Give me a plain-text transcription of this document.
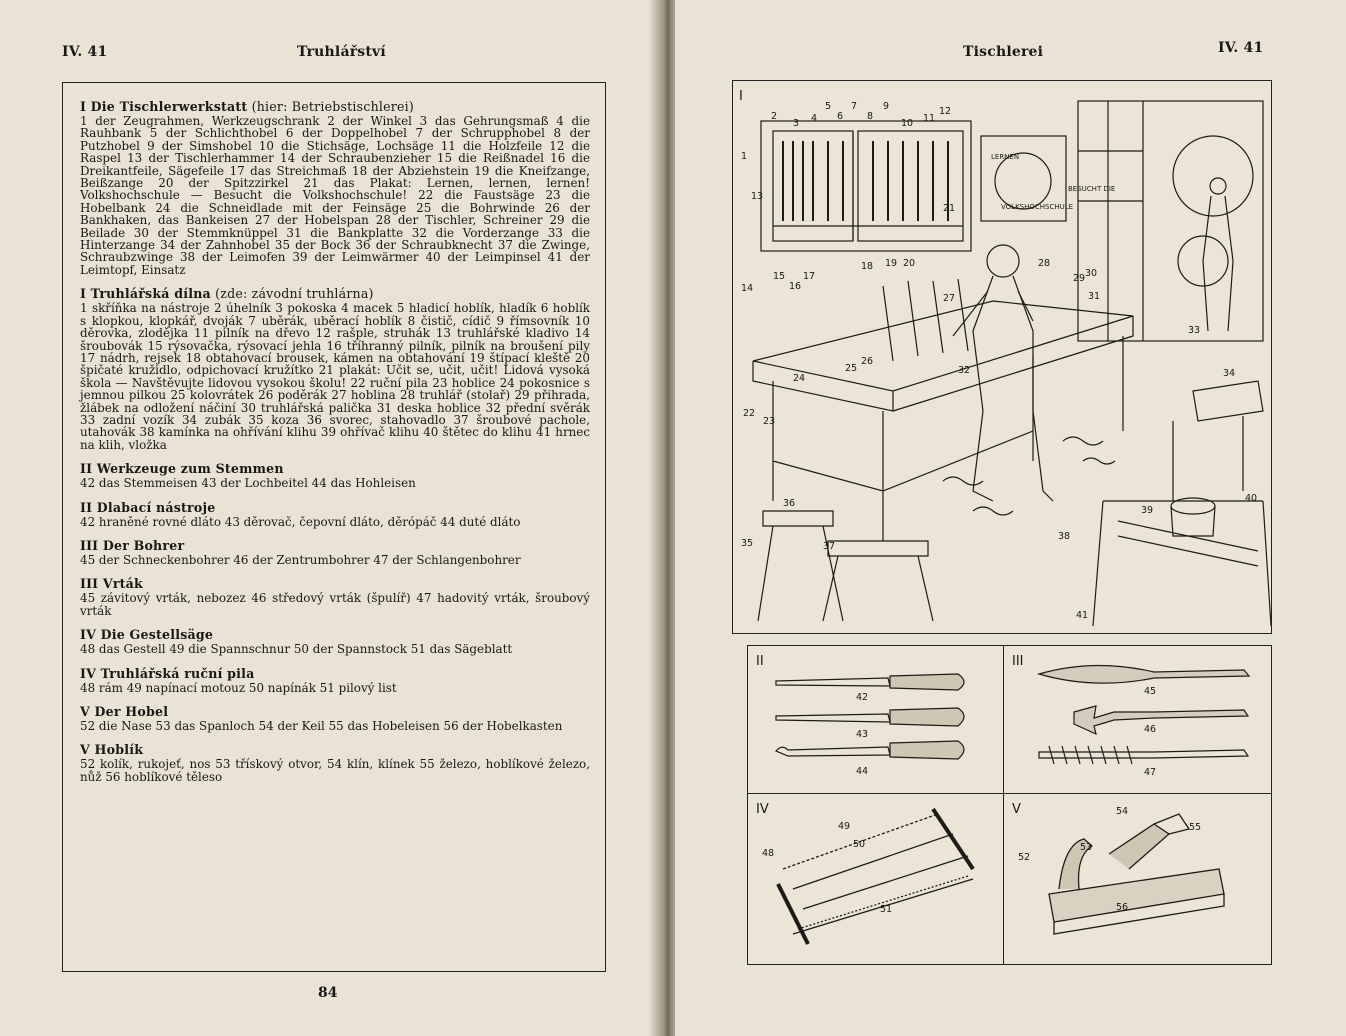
IV. 41	Truhlářství
I Die Tischlerwerkstatt (hier: Betriebstischlerei)

1 der Zeugrahmen, Werkzeugschrank 2 der Winkel 3 das Gehrungsmaß 4 die Rauhbank 5 der Schlichthobel 6 der Doppelhobel 7 der Schrupphobel 8 der Putzhobel 9 der Simshobel 10 die Stichsäge, Lochsäge 11 die Holzfeile 12 die Raspel 13 der Tischlerhammer 14 der Schraubenzieher 15 die Reißnadel 16 die Dreikantfeile, Sägefeile 17 das Streichmaß 18 der Abziehstein 19 die Kneifzange, Beißzange 20 der Spitzzirkel 21 das Plakat: Lernen, lernen, lernen! Volkshochschule — Besucht die Volkshochschule! 22 die Faustsäge 23 die Hobelbank 24 die Schneidlade mit der Feinsäge 25 die Bohrwinde 26 der Bankhaken, das Bankeisen 27 der Hobelspan 28 der Tischler, Schreiner 29 die Beilade 30 der Stemmknüppel 31 die Bankplatte 32 die Vorderzange 33 die Hinterzange 34 der Zahnhobel 35 der Bock 36 der Schraubknecht 37 die Zwinge, Schraubzwinge 38 der Leimofen 39 der Leimwärmer 40 der Leimpinsel 41 der Leimtopf, Einsatz

I Truhlářská dílna (zde: závodní truhlárna)

1 skříňka na nástroje 2 úhelník 3 pokoska 4 macek 5 hladicí hoblík, hladík 6 hoblík s klopkou, klopkář, dvoják 7 uběrák, uběrací hoblík 8 čistič, cídič 9 římsovník 10 děrovka, zlodějka 11 pilník na dřevo 12 rašple, struhák 13 truhlářské kladivo 14 šroubovák 15 rýsovačka, rýsovací jehla 16 tříhranný pilník, pilník na broušení pily 17 nádrh, rejsek 18 obtahovací brousek, kámen na obtahování 19 štípací kleště 20 špičaté kružidlo, odpichovací kružítko 21 plakát: Učit se, učit, učit! Lidová vysoká škola — Navštěvujte lidovou vysokou školu! 22 ruční pila 23 hoblice 24 pokosnice s jemnou pilkou 25 kolovrátek 26 poděrák 27 hoblina 28 truhlář (stolař) 29 přihrada, žlábek na odložení náčiní 30 truhlářská palička 31 deska hoblice 32 přední svěrák 33 zadní vozík 34 zubák 35 koza 36 svorec, stahovadlo 37 šroubové pachole, utahovák 38 kamínka na ohřívání klihu 39 ohřívač klihu 40 štětec do klihu 41 hrnec na klih, vložka

II Werkzeuge zum Stemmen

42 das Stemmeisen 43 der Lochbeitel 44 das Hohleisen

II Dlabací nástroje

42 hraněné rovné dláto 43 děrovač, čepovní dláto, děrópáč 44 duté dláto

III Der Bohrer

45 der Schneckenbohrer 46 der Zentrumbohrer 47 der Schlangenbohrer

III Vrták

45 závitový vrták, nebozez 46 středový vrták (špulíř) 47 hadovitý vrták, šroubový vrták

IV Die Gestellsäge

48 das Gestell 49 die Spannschnur 50 der Spannstock 51 das Sägeblatt

IV Truhlářská ruční pila

48 rám 49 napínací motouz 50 napínák 51 pilový list

V Der Hobel

52 die Nase 53 das Spanloch 54 der Keil 55 das Hobeleisen 56 der Hobelkasten

V Hoblík

52 kolík, rukojeť, nos 53 třískový otvor, 54 klín, klínek 55 železo, hoblíkové železo, nůž 56 hoblíkové těleso

84
Tischlerei	IV. 41
I
LERNEN
BESUCHT DIE
VOLKSHOCHSCHULE
1
2
3 4
5
6
7
8
9
10 11
12
13
14
15
16
17
18 19 20
21
22
23
24
25
26
27
28
29 30
31
32
33
34
35
36
37
38
39
40
41
II
42
43
44
III
45
46
47
IV
48
49
50
51
V
52
53
54
55
56
